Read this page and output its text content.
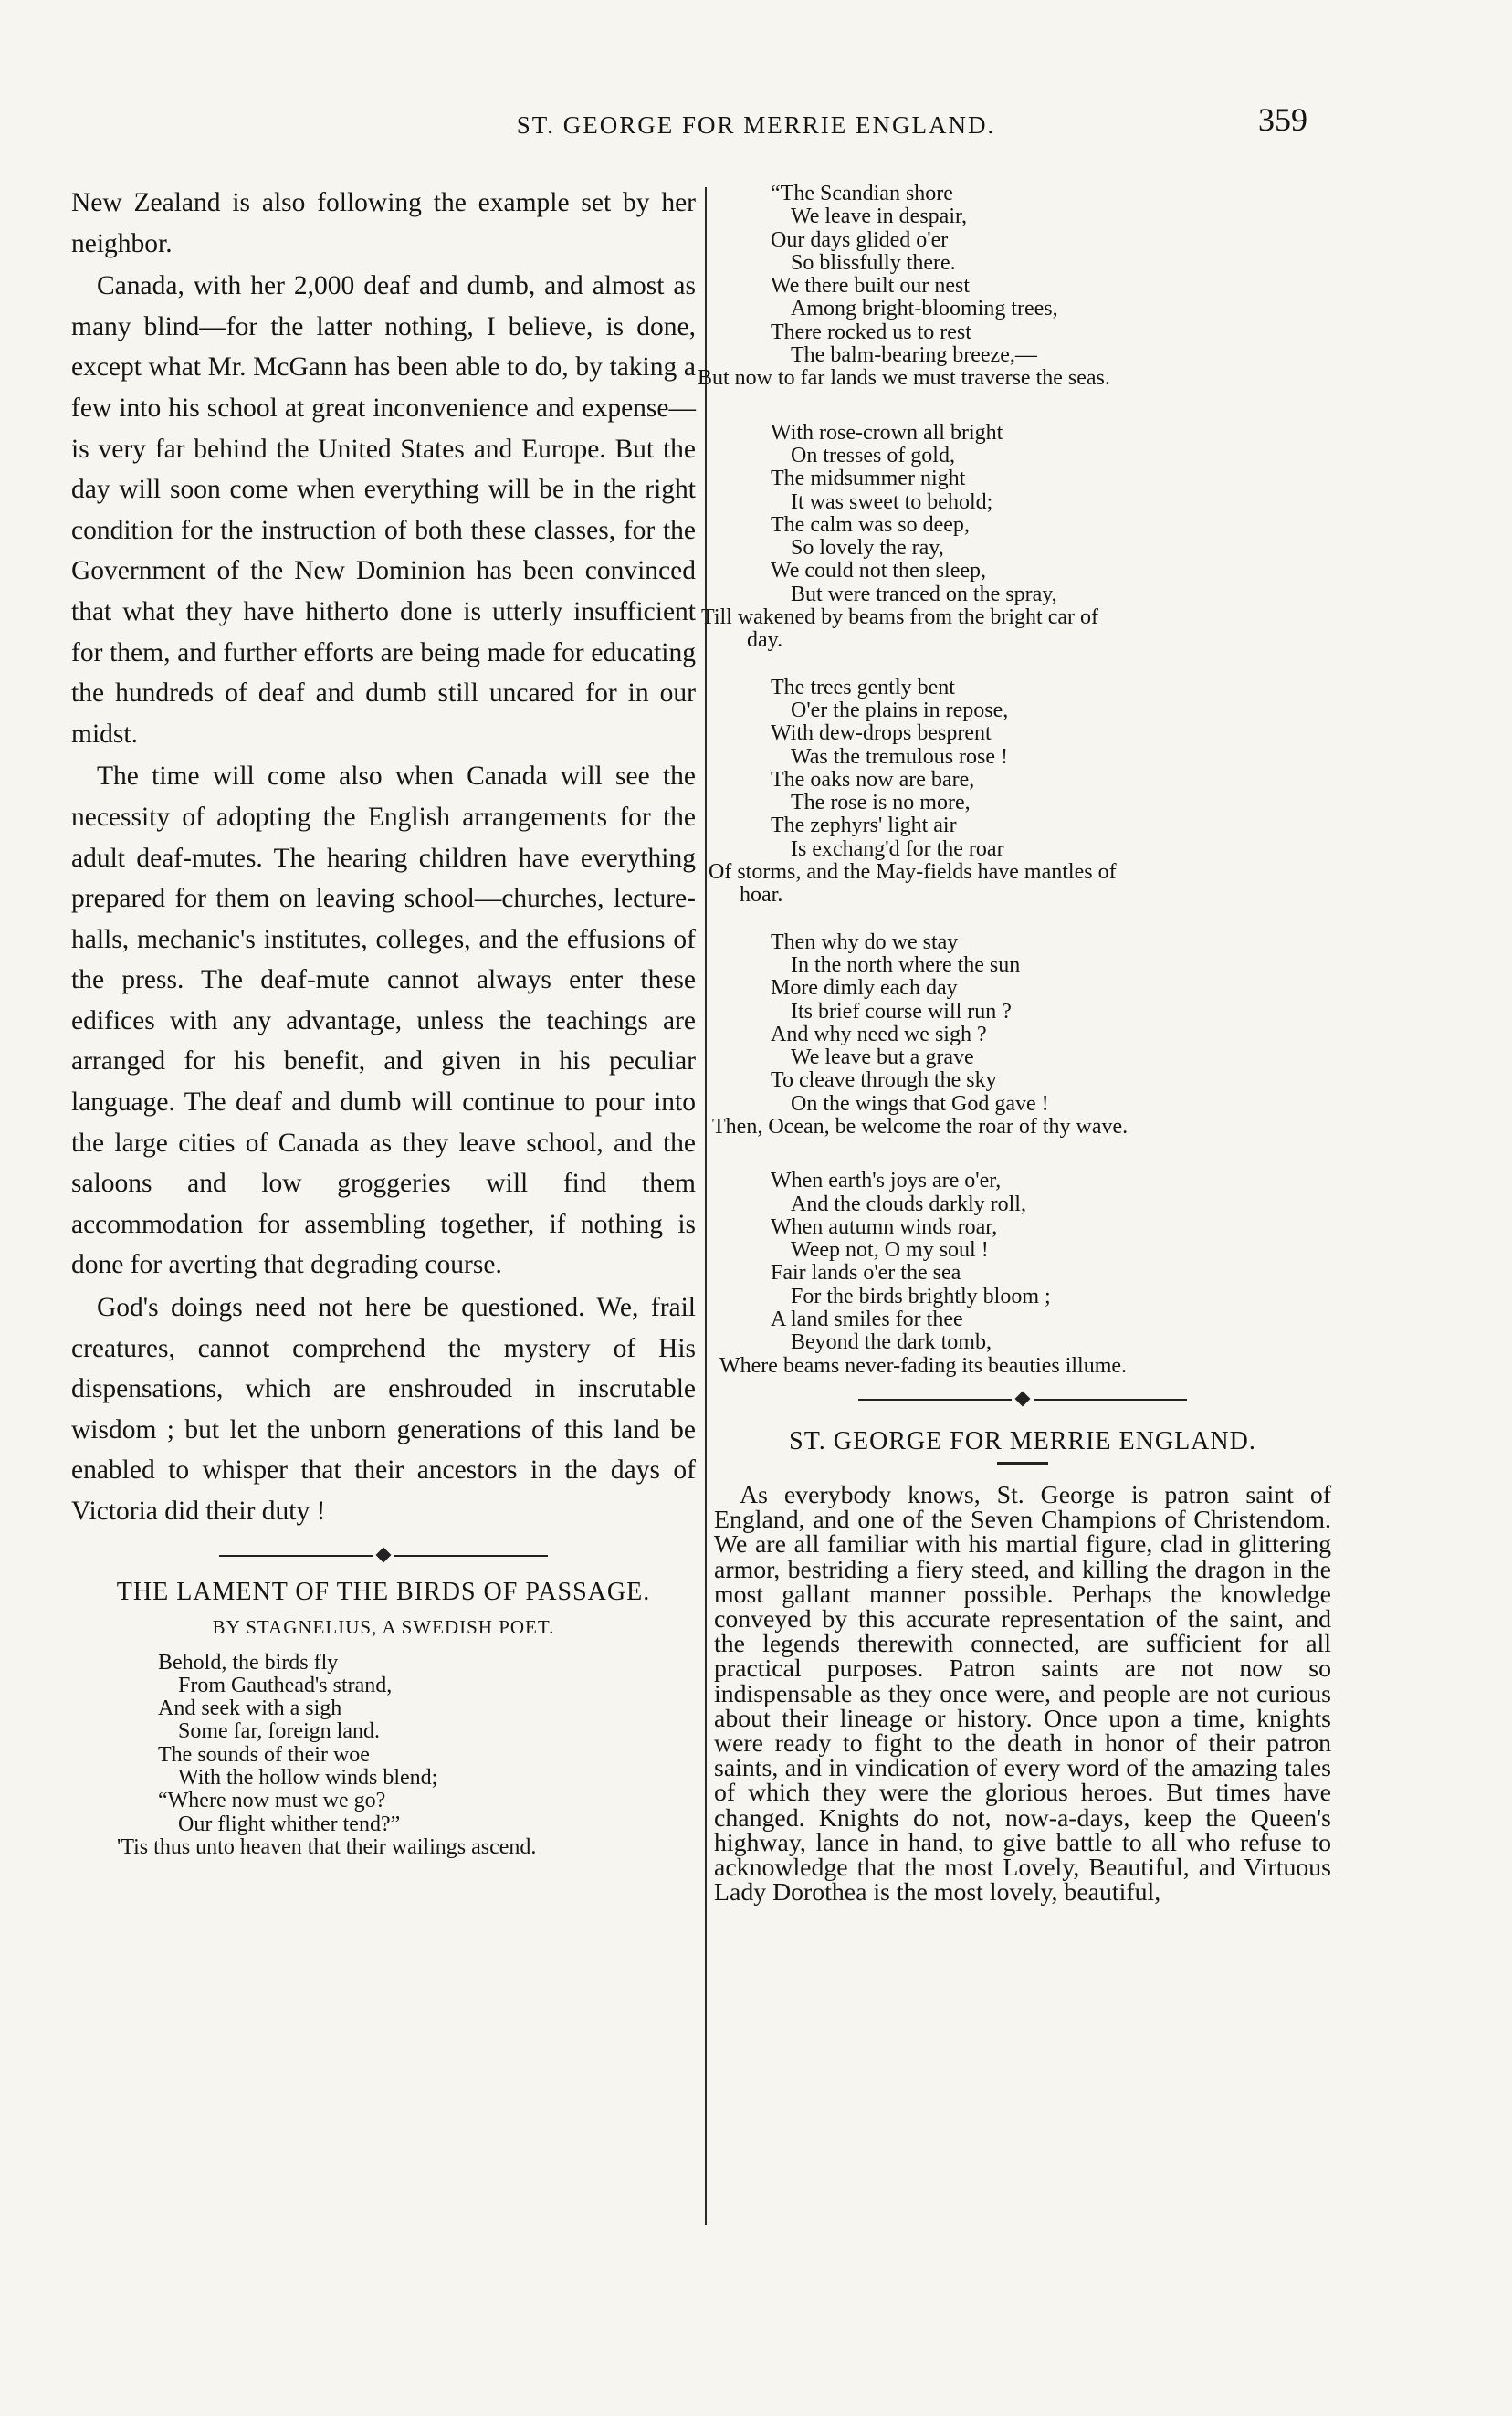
ST. GEORGE FOR MERRIE ENGLAND.	359

New Zealand is also following the example set by her neighbor.

Canada, with her 2,000 deaf and dumb, and almost as many blind—for the latter nothing, I believe, is done, except what Mr. McGann has been able to do, by taking a few into his school at great inconvenience and expense—is very far behind the United States and Europe. But the day will soon come when everything will be in the right condition for the instruction of both these classes, for the Government of the New Dominion has been convinced that what they have hitherto done is utterly insufficient for them, and further efforts are being made for educating the hundreds of deaf and dumb still uncared for in our midst.

The time will come also when Canada will see the necessity of adopting the English arrangements for the adult deaf-mutes. The hearing children have everything prepared for them on leaving school—churches, lecture-halls, mechanic's institutes, colleges, and the effusions of the press. The deaf-mute cannot always enter these edifices with any advantage, unless the teachings are arranged for his benefit, and given in his peculiar language. The deaf and dumb will continue to pour into the large cities of Canada as they leave school, and the saloons and low groggeries will find them accommodation for assembling together, if nothing is done for averting that degrading course.

God's doings need not here be questioned. We, frail creatures, cannot comprehend the mystery of His dispensations, which are enshrouded in inscrutable wisdom ; but let the unborn generations of this land be enabled to whisper that their ancestors in the days of Victoria did their duty !

THE LAMENT OF THE BIRDS OF PASSAGE.

BY STAGNELIUS, A SWEDISH POET.

Behold, the birds fly
From Gauthead's strand,
And seek with a sigh
Some far, foreign land.
The sounds of their woe
With the hollow winds blend;
“Where now must we go?
Our flight whither tend?”
'Tis thus unto heaven that their wailings ascend.
“The Scandian shore
We leave in despair,
Our days glided o'er
So blissfully there.
We there built our nest
Among bright-blooming trees,
There rocked us to rest
The balm-bearing breeze,—
But now to far lands we must traverse the seas.
With rose-crown all bright
On tresses of gold,
The midsummer night
It was sweet to behold;
The calm was so deep,
So lovely the ray,
We could not then sleep,
But were tranced on the spray,
Till wakened by beams from the bright car of
day.
The trees gently bent
O'er the plains in repose,
With dew-drops besprent
Was the tremulous rose !
The oaks now are bare,
The rose is no more,
The zephyrs' light air
Is exchang'd for the roar
Of storms, and the May-fields have mantles of
hoar.
Then why do we stay
In the north where the sun
More dimly each day
Its brief course will run ?
And why need we sigh ?
We leave but a grave
To cleave through the sky
On the wings that God gave !
Then, Ocean, be welcome the roar of thy wave.
When earth's joys are o'er,
And the clouds darkly roll,
When autumn winds roar,
Weep not, O my soul !
Fair lands o'er the sea
For the birds brightly bloom ;
A land smiles for thee
Beyond the dark tomb,
Where beams never-fading its beauties illume.

ST. GEORGE FOR MERRIE ENGLAND.

As everybody knows, St. George is patron saint of England, and one of the Seven Champions of Christendom. We are all familiar with his martial figure, clad in glittering armor, bestriding a fiery steed, and killing the dragon in the most gallant manner possible. Perhaps the knowledge conveyed by this accurate representation of the saint, and the legends therewith connected, are sufficient for all practical purposes. Patron saints are not now so indispensable as they once were, and people are not curious about their lineage or history. Once upon a time, knights were ready to fight to the death in honor of their patron saints, and in vindication of every word of the amazing tales of which they were the glorious heroes. But times have changed. Knights do not, now-a-days, keep the Queen's highway, lance in hand, to give battle to all who refuse to acknowledge that the most Lovely, Beautiful, and Virtuous Lady Dorothea is the most lovely, beautiful,
